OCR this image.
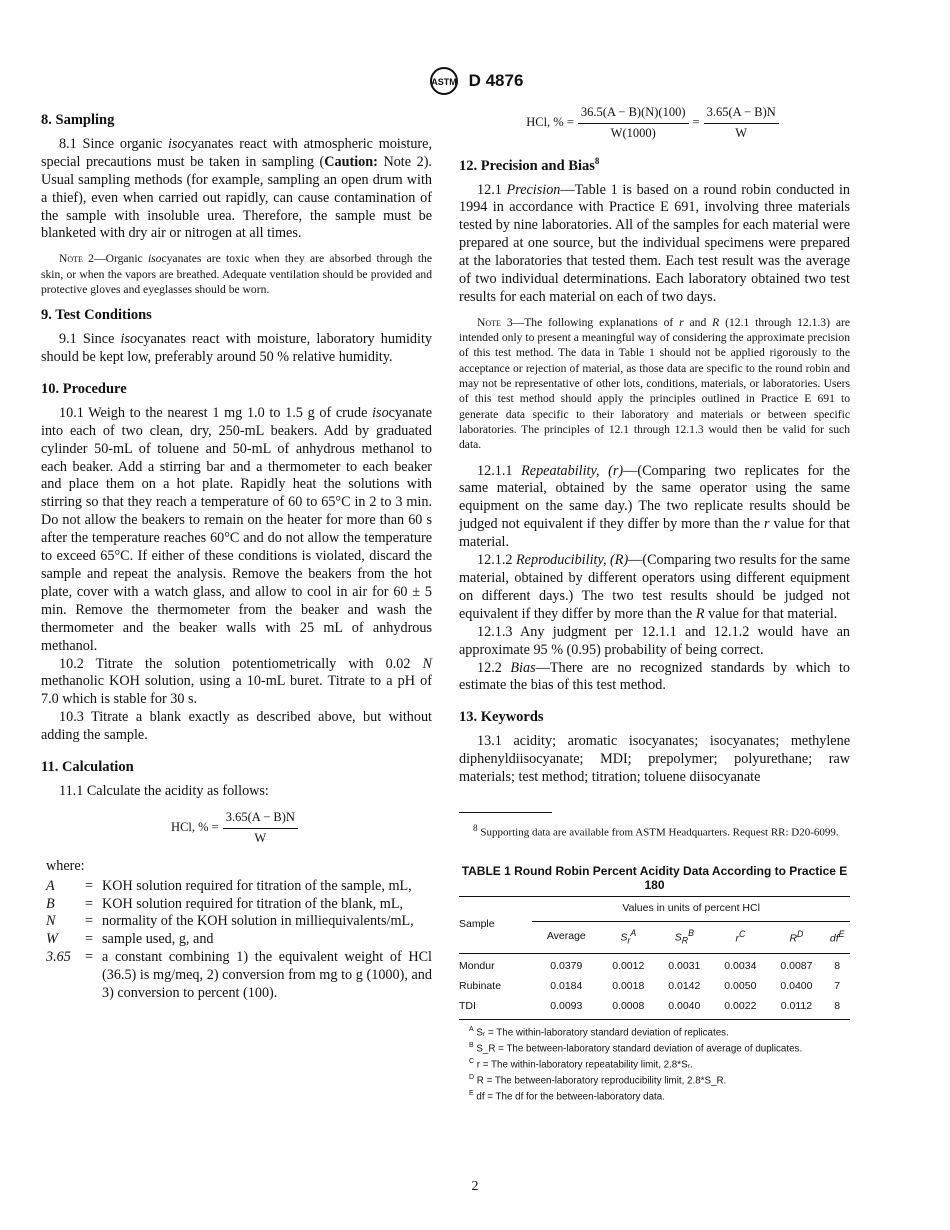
ASTM D 4876
8. Sampling

8.1 Since organic isocyanates react with atmospheric moisture, special precautions must be taken in sampling (Caution: Note 2). Usual sampling methods (for example, sampling an open drum with a thief), even when carried out rapidly, can cause contamination of the sample with insoluble urea. Therefore, the sample must be blanketed with dry air or nitrogen at all times.

Note 2—Organic isocyanates are toxic when they are absorbed through the skin, or when the vapors are breathed. Adequate ventilation should be provided and protective gloves and eyeglasses should be worn.
9. Test Conditions

9.1 Since isocyanates react with moisture, laboratory humidity should be kept low, preferably around 50 % relative humidity.

10. Procedure

10.1 Weigh to the nearest 1 mg 1.0 to 1.5 g of crude isocyanate into each of two clean, dry, 250-mL beakers. Add by graduated cylinder 50-mL of toluene and 50-mL of anhydrous methanol to each beaker. Add a stirring bar and a thermometer to each beaker and place them on a hot plate. Rapidly heat the solutions with stirring so that they reach a temperature of 60 to 65°C in 2 to 3 min. Do not allow the beakers to remain on the heater for more than 60 s after the temperature reaches 60°C and do not allow the temperature to exceed 65°C. If either of these conditions is violated, discard the sample and repeat the analysis. Remove the beakers from the hot plate, cover with a watch glass, and allow to cool in air for 60 ± 5 min. Remove the thermometer from the beaker and wash the thermometer and the beaker walls with 25 mL of anhydrous methanol.

10.2 Titrate the solution potentiometrically with 0.02 N methanolic KOH solution, using a 10-mL buret. Titrate to a pH of 7.0 which is stable for 30 s.

10.3 Titrate a blank exactly as described above, but without adding the sample.

11. Calculation

11.1 Calculate the acidity as follows:

HCl, % = $\frac{3.65(A - B)N}{W}$
where:
A	= KOH solution required for titration of the sample, mL,
B	= KOH solution required for titration of the blank, mL,
N	= normality of the KOH solution in milliequivalents/mL,
W	= sample used, g, and
3.65 = a constant combining 1) the equivalent weight of HCl (36.5) is mg/meq, 2) conversion from mg to g (1000), and 3) conversion to percent (100).
HCl, % = $\frac{36.5(A - B)(N)(100)}{W(1000)} = \frac{3.65(A - B)N}{W}$
12. Precision and Bias$^8$

12.1 Precision—Table 1 is based on a round robin conducted in 1994 in accordance with Practice E 691, involving three materials tested by nine laboratories. All of the samples for each material were prepared at one source, but the individual specimens were prepared at the laboratories that tested them. Each test result was the average of two individual determinations. Each laboratory obtained two test results for each material on each of two days.

Note 3—The following explanations of r and R (12.1 through 12.1.3) are intended only to present a meaningful way of considering the approximate precision of this test method. The data in Table 1 should not be applied rigorously to the acceptance or rejection of material, as those data are specific to the round robin and may not be representative of other lots, conditions, materials, or laboratories. Users of this test method should apply the principles outlined in Practice E 691 to generate data specific to their laboratory and materials or between specific laboratories. The principles of 12.1 through 12.1.3 would then be valid for such data.

12.1.1 Repeatability, (r)—(Comparing two replicates for the same material, obtained by the same operator using the same equipment on the same day.) The two replicate results should be judged not equivalent if they differ by more than the r value for that material.

12.1.2 Reproducibility, (R)—(Comparing two results for the same material, obtained by different operators using different equipment on different days.) The two test results should be judged not equivalent if they differ by more than the R value for that material.

12.1.3 Any judgment per 12.1.1 and 12.1.2 would have an approximate 95 % (0.95) probability of being correct.

12.2 Bias—There are no recognized standards by which to estimate the bias of this test method.

13. Keywords

13.1 acidity; aromatic isocyanates; isocyanates; methylene diphenyldiisocyanate; MDI; prepolymer; polyurethane; raw materials; test method; titration; toluene diisocyanate

$^8$ Supporting data are available from ASTM Headquarters. Request RR: D20-6099.
TABLE 1 Round Robin Percent Acidity Data According to Practice E 180
Sample	Values in units of percent HCl					
	Average	$S_r^A$	$S_R^B$	$r^C$	$R^D$	$df^E$
Mondur	0.0379	0.0012	0.0031	0.0034	0.0087	8
Rubinate	0.0184	0.0018	0.0142	0.0050	0.0400	7
TDI	0.0093	0.0008	0.0040	0.0022	0.0112	8
$^A$ Sᵣ = The within-laboratory standard deviation of replicates.
$^B$ S_R = The between-laboratory standard deviation of average of duplicates.
$^C$ r = The within-laboratory repeatability limit, 2.8*Sᵣ.
$^D$ R = The between-laboratory reproducibility limit, 2.8*S_R.
$^E$ df = The df for the between-laboratory data.
2
